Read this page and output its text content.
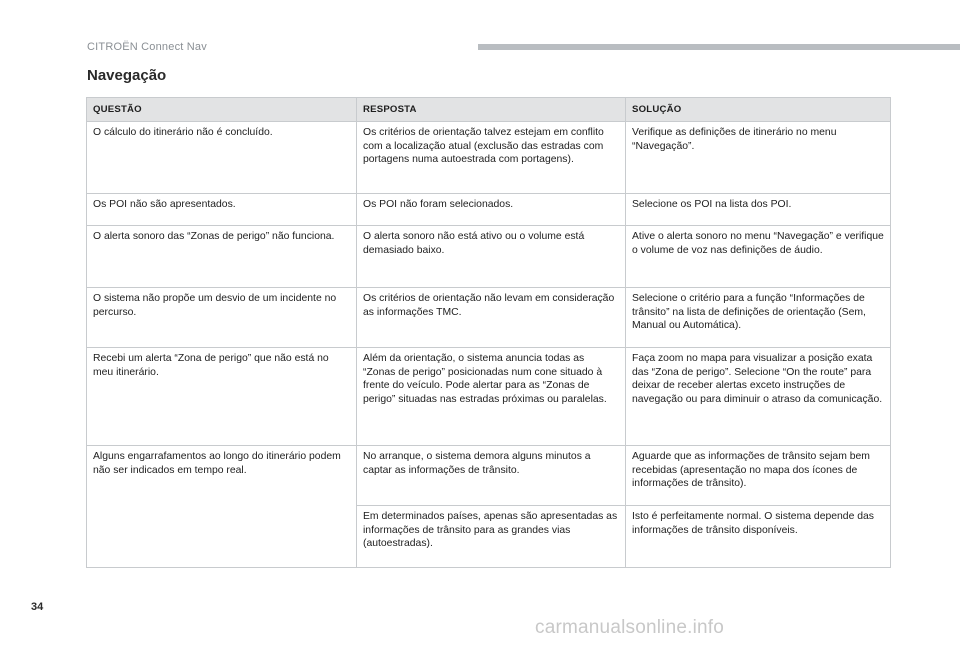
CITROËN Connect Nav
Navegação
QUESTÃO	RESPOSTA	SOLUÇÃO
O cálculo do itinerário não é concluído.	Os critérios de orientação talvez estejam em conflito com a localização atual (exclusão das estradas com portagens numa autoestrada com portagens).	Verifique as definições de itinerário no menu “Navegação”.
Os POI não são apresentados.	Os POI não foram selecionados.	Selecione os POI na lista dos POI.
O alerta sonoro das “Zonas de perigo” não funciona.	O alerta sonoro não está ativo ou o volume está demasiado baixo.	Ative o alerta sonoro no menu “Navegação” e verifique o volume de voz nas definições de áudio.
O sistema não propõe um desvio de um incidente no percurso.	Os critérios de orientação não levam em consideração as informações TMC.	Selecione o critério para a função “Informações de trânsito” na lista de definições de orientação (Sem, Manual ou Automática).
Recebi um alerta “Zona de perigo” que não está no meu itinerário.	Além da orientação, o sistema anuncia todas as “Zonas de perigo” posicionadas num cone situado à frente do veículo. Pode alertar para as “Zonas de perigo” situadas nas estradas próximas ou paralelas.	Faça zoom no mapa para visualizar a posição exata das “Zona de perigo”. Selecione “On the route” para deixar de receber alertas exceto instruções de navegação ou para diminuir o atraso da comunicação.
Alguns engarrafamentos ao longo do itinerário podem não ser indicados em tempo real.	No arranque, o sistema demora alguns minutos a captar as informações de trânsito.	Aguarde que as informações de trânsito sejam bem recebidas (apresentação no mapa dos ícones de informações de trânsito).
	Em determinados países, apenas são apresentadas as informações de trânsito para as grandes vias (autoestradas).	Isto é perfeitamente normal. O sistema depende das informações de trânsito disponíveis.
34
carmanualsonline.info
